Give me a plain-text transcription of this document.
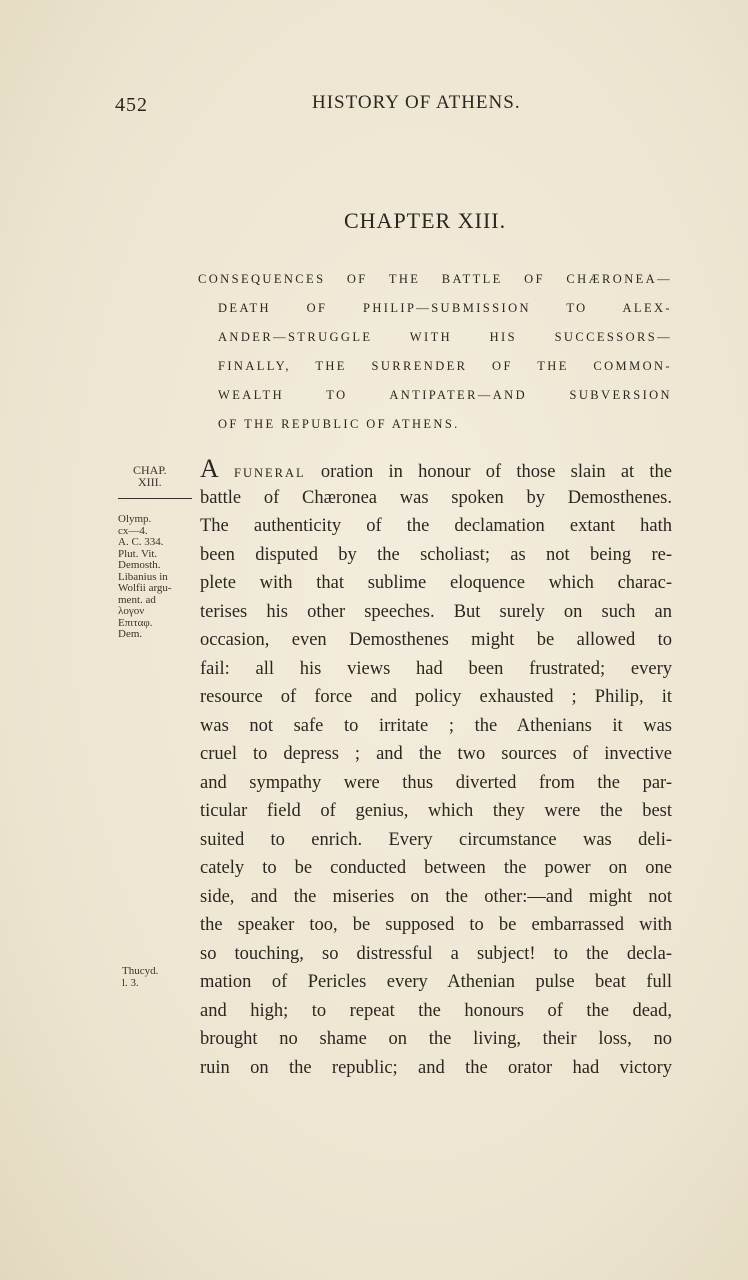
452	HISTORY OF ATHENS.
CHAPTER XIII.
CONSEQUENCES OF THE BATTLE OF CHÆRONEA—
DEATH OF PHILIP—SUBMISSION TO ALEX-
ANDER—STRUGGLE WITH HIS SUCCESSORS—
FINALLY, THE SURRENDER OF THE COMMON-
WEALTH TO ANTIPATER—AND SUBVERSION
OF THE REPUBLIC OF ATHENS.
CHAP.
XIII.
Olymp.
cx—4.
A. C. 334.
Plut. Vit.
Demosth.
Libanius in
Wolfii argu-
ment. ad
λογον
Επιταφ.
Dem.
Thucyd.
l. 3.
A FUNERAL oration in honour of those slain at the
battle of Chæronea was spoken by Demosthenes.
The authenticity of the declamation extant hath
been disputed by the scholiast; as not being re-
plete with that sublime eloquence which charac-
terises his other speeches. But surely on such an
occasion, even Demosthenes might be allowed to
fail: all his views had been frustrated; every
resource of force and policy exhausted ; Philip, it
was not safe to irritate ; the Athenians it was
cruel to depress ; and the two sources of invective
and sympathy were thus diverted from the par-
ticular field of genius, which they were the best
suited to enrich. Every circumstance was deli-
cately to be conducted between the power on one
side, and the miseries on the other:—and might not
the speaker too, be supposed to be embarrassed with
so touching, so distressful a subject! to the decla-
mation of Pericles every Athenian pulse beat full
and high; to repeat the honours of the dead,
brought no shame on the living, their loss, no
ruin on the republic; and the orator had victory
